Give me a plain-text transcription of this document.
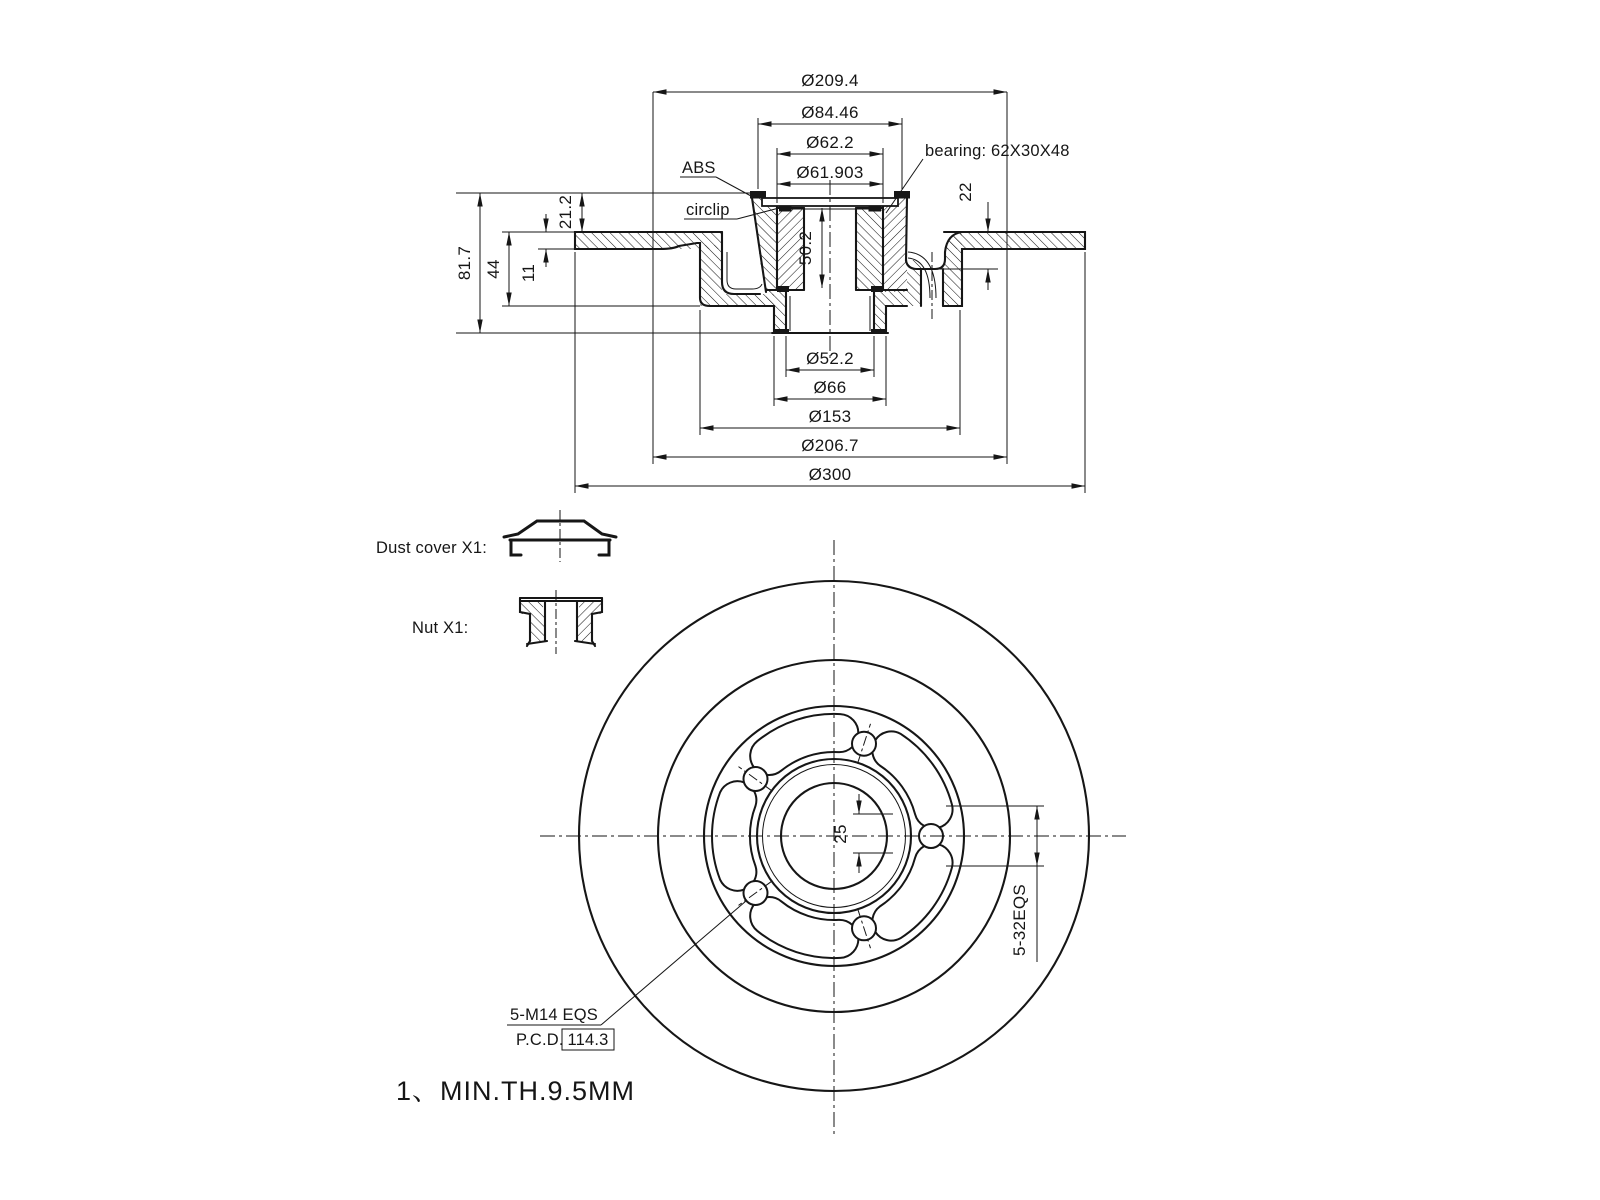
Ø209.4
Ø84.46
Ø62.2
Ø61.903
Ø52.2
Ø66
Ø153
Ø206.7
Ø300
81.7 44 11
21.2
50.2
22
ABS
circlip
bearing: 62X30X48
Dust cover X1:
Nut X1:
25
5-32EQS
5-M14 EQS
P.C.D. 114.3
1、MIN.TH.9.5MM
